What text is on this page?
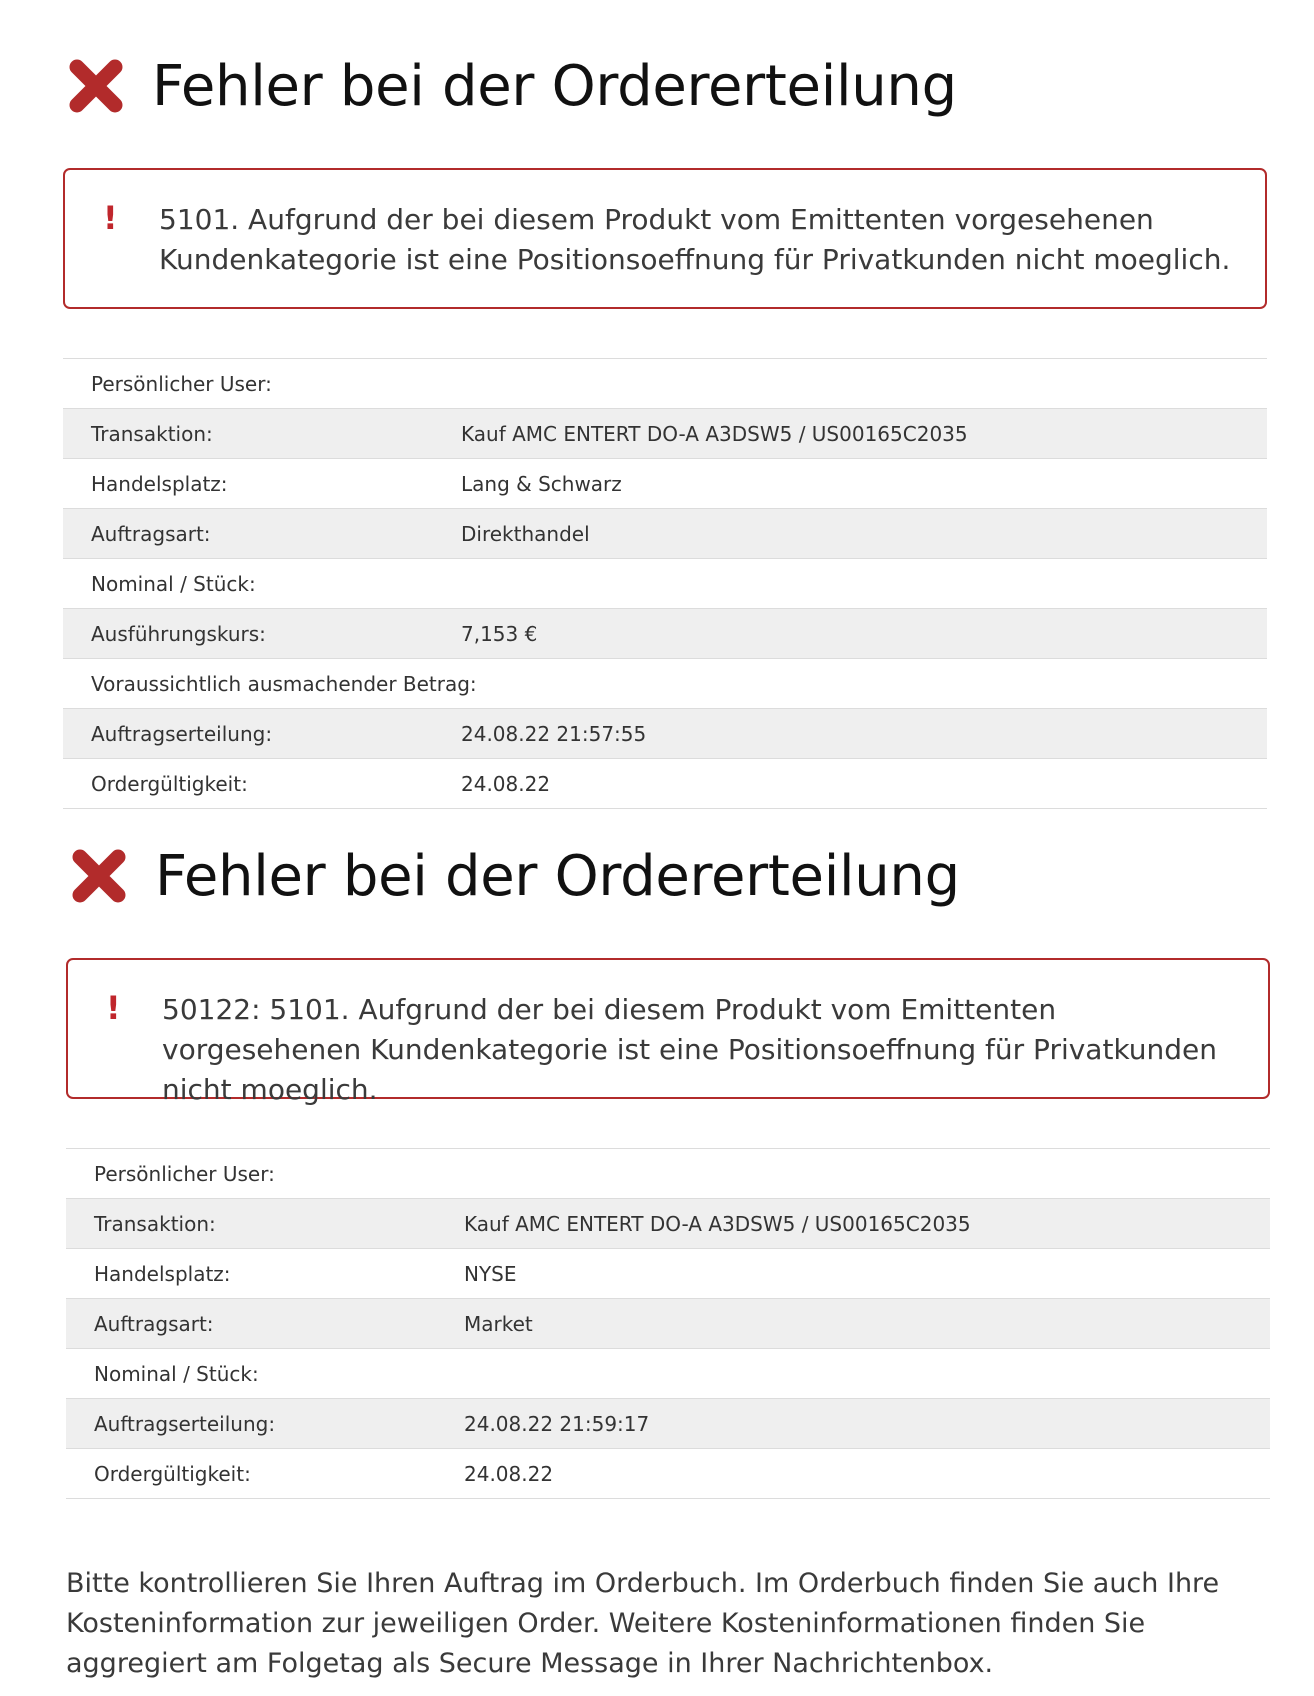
Fehler bei der Ordererteilung
! 5101. Aufgrund der bei diesem Produkt vom Emittenten vorgesehenen Kundenkategorie ist eine Positionsoeffnung für Privatkunden nicht moeglich.
Persönlicher User:
Transaktion:	Kauf AMC ENTERT DO-A A3DSW5 / US00165C2035
Handelsplatz:	Lang & Schwarz
Auftragsart:	Direkthandel
Nominal / Stück:
Ausführungskurs:	7,153 €
Voraussichtlich ausmachender Betrag:
Auftragserteilung:	24.08.22 21:57:55
Ordergültigkeit:	24.08.22
Fehler bei der Ordererteilung
! 50122: 5101. Aufgrund der bei diesem Produkt vom Emittenten vorgesehenen Kundenkategorie ist eine Positionsoeffnung für Privatkunden nicht moeglich.
Persönlicher User:
Transaktion:	Kauf AMC ENTERT DO-A A3DSW5 / US00165C2035
Handelsplatz:	NYSE
Auftragsart:	Market
Nominal / Stück:
Auftragserteilung:	24.08.22 21:59:17
Ordergültigkeit:	24.08.22

Bitte kontrollieren Sie Ihren Auftrag im Orderbuch. Im Orderbuch finden Sie auch Ihre Kosteninformation zur jeweiligen Order. Weitere Kosteninformationen finden Sie aggregiert am Folgetag als Secure Message in Ihrer Nachrichtenbox.
